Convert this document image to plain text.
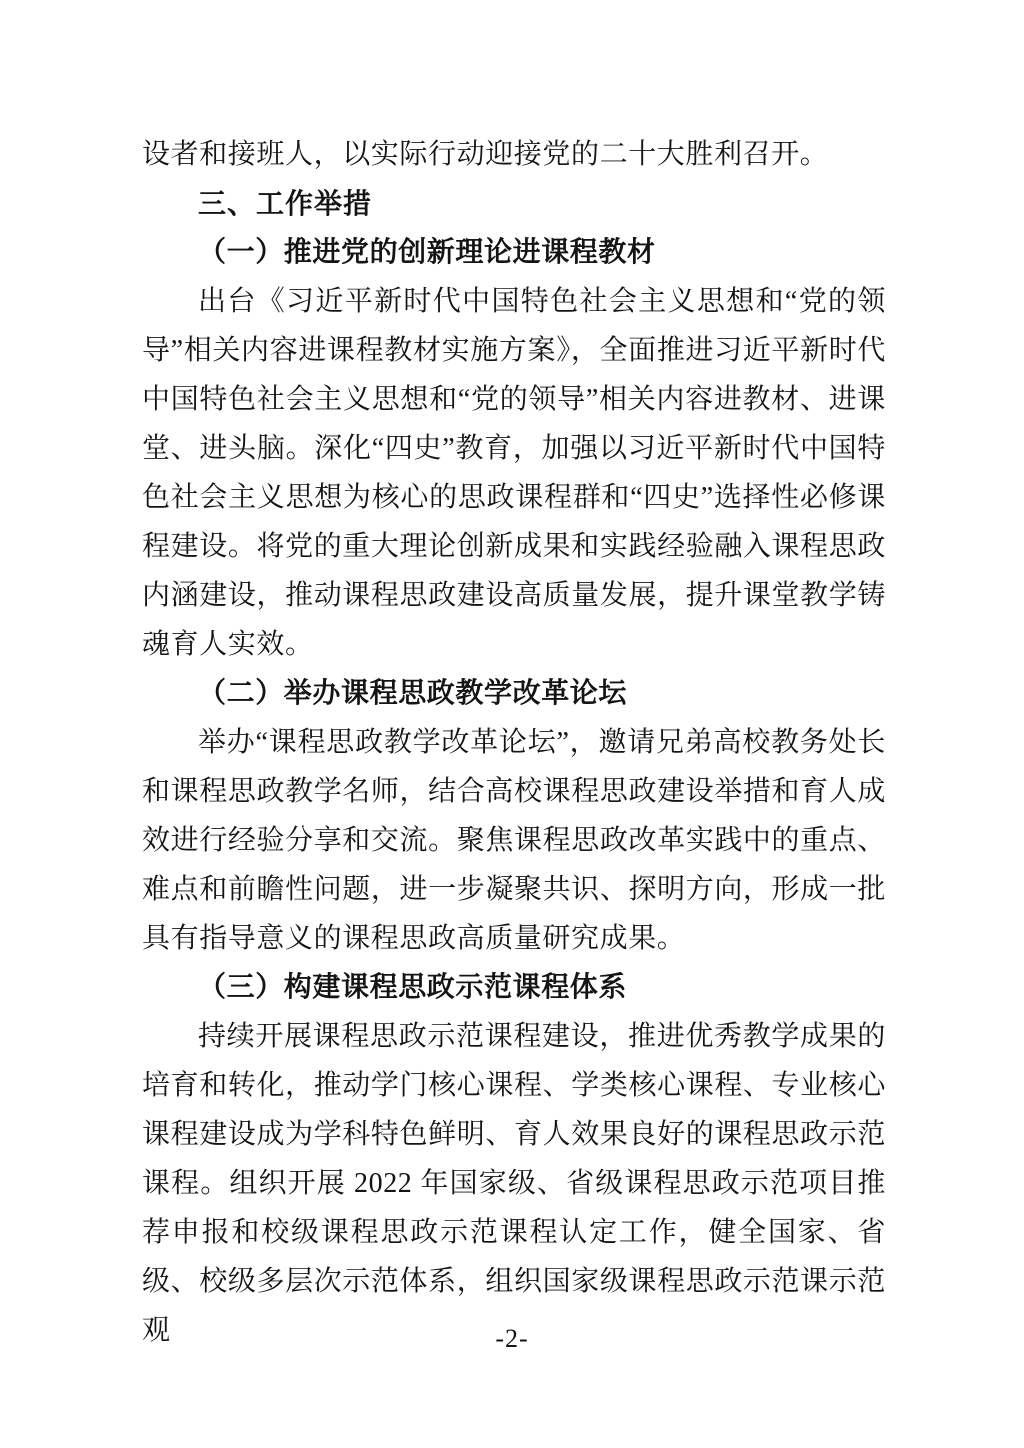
设者和接班人，以实际行动迎接党的二十大胜利召开。

三、工作举措
（一）推进党的创新理论进课程教材

出台《习近平新时代中国特色社会主义思想和“党的领导”相关内容进课程教材实施方案》，全面推进习近平新时代中国特色社会主义思想和“党的领导”相关内容进教材、进课堂、进头脑。深化“四史”教育，加强以习近平新时代中国特色社会主义思想为核心的思政课程群和“四史”选择性必修课程建设。将党的重大理论创新成果和实践经验融入课程思政内涵建设，推动课程思政建设高质量发展，提升课堂教学铸魂育人实效。

（二）举办课程思政教学改革论坛

举办“课程思政教学改革论坛”，邀请兄弟高校教务处长和课程思政教学名师，结合高校课程思政建设举措和育人成效进行经验分享和交流。聚焦课程思政改革实践中的重点、难点和前瞻性问题，进一步凝聚共识、探明方向，形成一批具有指导意义的课程思政高质量研究成果。

（三）构建课程思政示范课程体系

持续开展课程思政示范课程建设，推进优秀教学成果的培育和转化，推动学门核心课程、学类核心课程、专业核心课程建设成为学科特色鲜明、育人效果良好的课程思政示范课程。组织开展 2022 年国家级、省级课程思政示范项目推荐申报和校级课程思政示范课程认定工作，健全国家、省级、校级多层次示范体系，组织国家级课程思政示范课示范观	-2-
